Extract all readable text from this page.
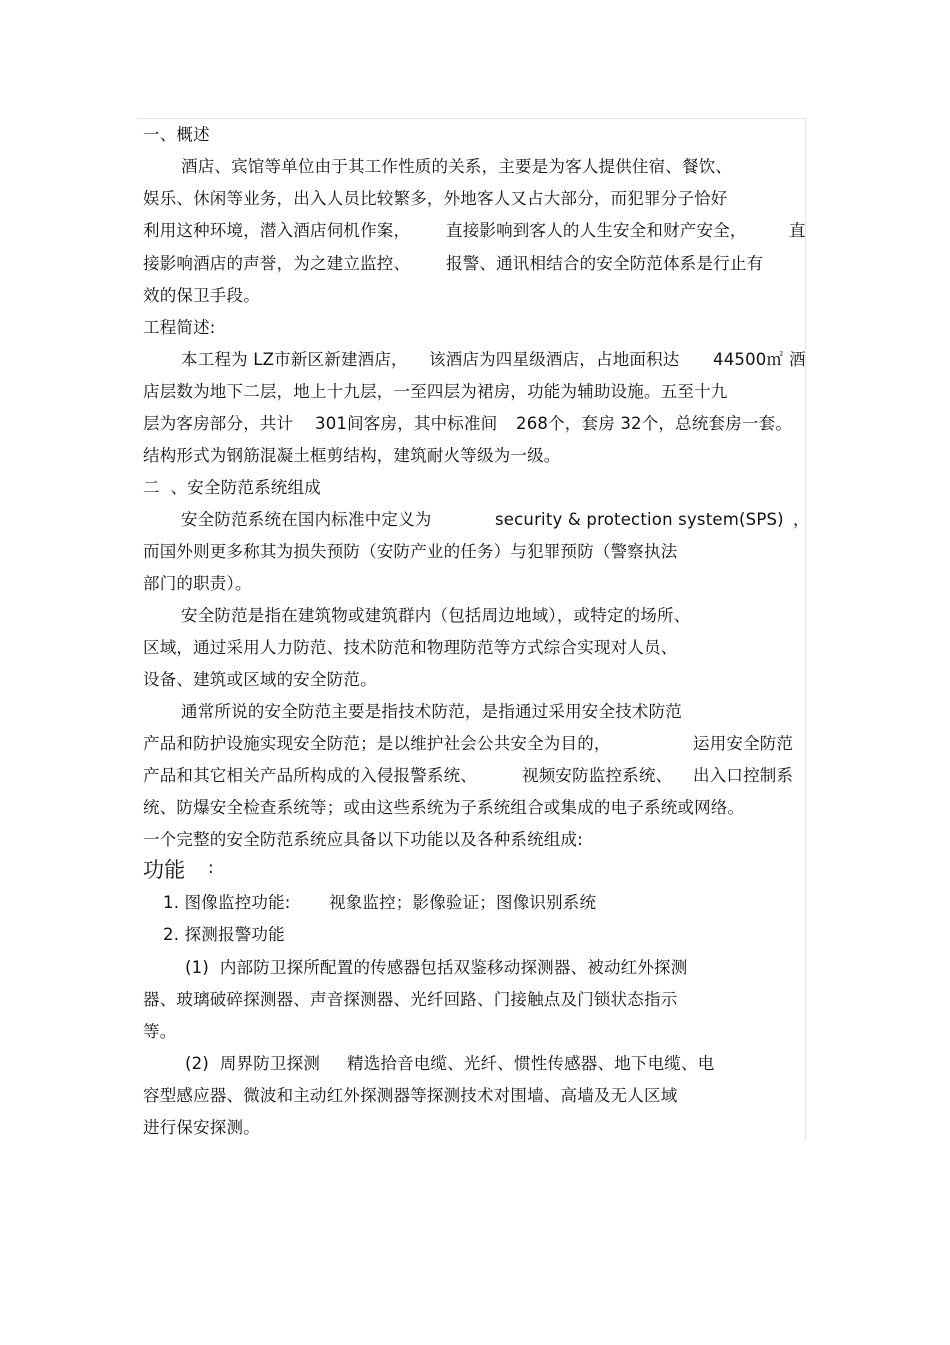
一、概述
酒店、宾馆等单位由于其工作性质的关系，主要是为客人提供住宿、餐饮、
娱乐、休闲等业务，出入人员比较繁多，外地客人又占大部分，而犯罪分子恰好
利用这种环境，潜入酒店伺机作案， 直接影响到客人的人生安全和财产安全，	直
接影响酒店的声誉，为之建立监控、 报警、通讯相结合的安全防范体系是行止有
效的保卫手段。
工程简述:
本工程为 LZ市新区新建酒店， 该酒店为四星级酒店，占地面积达 44500㎡ 酒
店层数为地下二层，地上十九层，一至四层为裙房，功能为辅助设施。五至十九
层为客房部分，共计 301间客房，其中标准间 268个，套房 32个，总统套房一套。
结构形式为钢筋混凝土框剪结构，建筑耐火等级为一级。
二  、安全防范系统组成
安全防范系统在国内标准中定义为	security & protection system(SPS) ，
而国外则更多称其为损失预防（安防产业的任务）与犯罪预防（警察执法
部门的职责）。
安全防范是指在建筑物或建筑群内（包括周边地域），或特定的场所、
区域，通过采用人力防范、技术防范和物理防范等方式综合实现对人员、
设备、建筑或区域的安全防范。
通常所说的安全防范主要是指技术防范，是指通过采用安全技术防范
产品和防护设施实现安全防范；是以维护社会公共安全为目的，	运用安全防范
产品和其它相关产品所构成的入侵报警系统、	视频安防监控系统、 出入口控制系
统、防爆安全检查系统等；或由这些系统为子系统组合或集成的电子系统或网络。
一个完整的安全防范系统应具备以下功能以及各种系统组成:
功能 :
1. 图像监控功能: 视象监控；影像验证；图像识别系统
2. 探测报警功能
(1)  内部防卫探所配置的传感器包括双鉴移动探测器、被动红外探测
器、玻璃破碎探测器、声音探测器、光纤回路、门接触点及门锁状态指示
等。
(2)  周界防卫探测 精选拾音电缆、光纤、惯性传感器、地下电缆、电
容型感应器、微波和主动红外探测器等探测技术对围墙、高墙及无人区域
进行保安探测。
